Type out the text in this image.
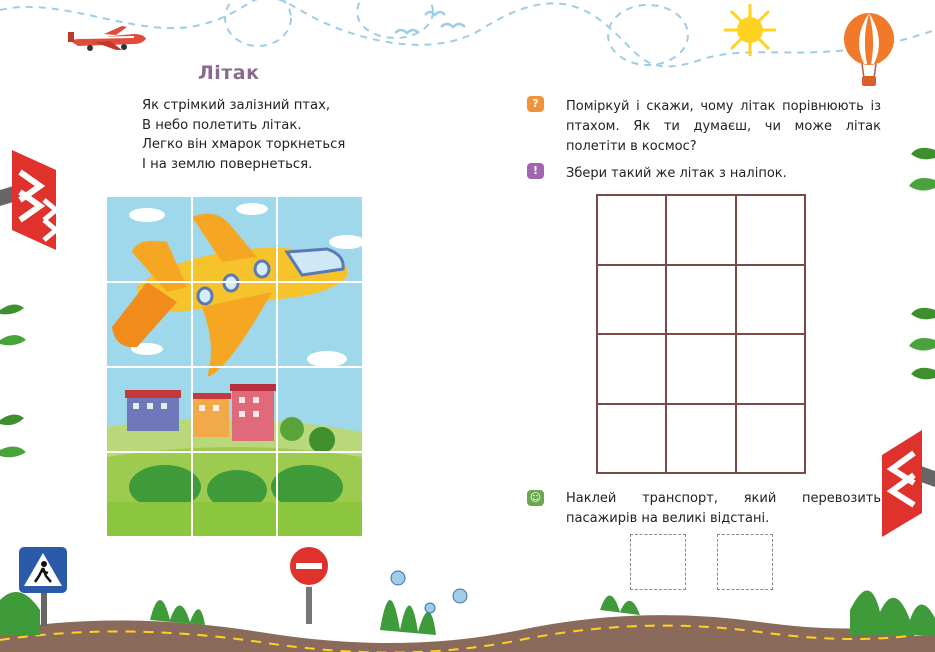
Літак
Як стрімкий залізний птах,
В небо полетить літак.
Легко він хмарок торкнеться
І на землю повернеться.
?	Поміркуй і скажи, чому літак порівнюють із птахом. Як ти думаєш, чи може літак полетіти в космос?
!	Збери такий же літак з наліпок.
☺ Наклей транспорт, який перевозить пасажирів на великі відстані.
